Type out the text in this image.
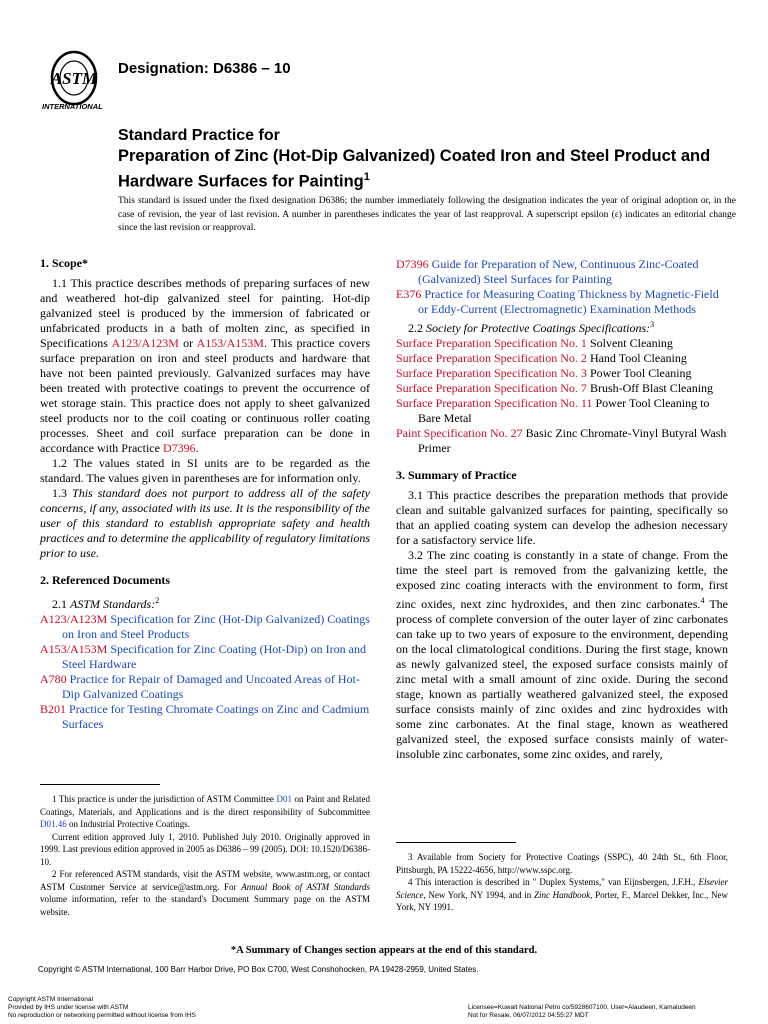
ASTM
INTERNATIONAL
Designation: D6386 – 10
Standard Practice for
Preparation of Zinc (Hot-Dip Galvanized) Coated Iron and Steel Product and Hardware Surfaces for Painting$^1$
This standard is issued under the fixed designation D6386; the number immediately following the designation indicates the year of original adoption or, in the case of revision, the year of last revision. A number in parentheses indicates the year of last reapproval. A superscript epsilon (ε) indicates an editorial change since the last revision or reapproval.

1. Scope*

1.1 This practice describes methods of preparing surfaces of new and weathered hot-dip galvanized steel for painting. Hot-dip galvanized steel is produced by the immersion of fabricated or unfabricated products in a bath of molten zinc, as specified in Specifications A123/A123M or A153/A153M. This practice covers surface preparation on iron and steel products and hardware that have not been painted previously. Galvanized surfaces may have been treated with protective coatings to prevent the occurrence of wet storage stain. This practice does not apply to sheet galvanized steel products nor to the coil coating or continuous roller coating processes. Sheet and coil surface preparation can be done in accordance with Practice D7396.

1.2 The values stated in SI units are to be regarded as the standard. The values given in parentheses are for information only.

1.3 This standard does not purport to address all of the safety concerns, if any, associated with its use. It is the responsibility of the user of this standard to establish appropriate safety and health practices and to determine the applicability of regulatory limitations prior to use.

2. Referenced Documents

2.1 ASTM Standards:$^2$

A123/A123M Specification for Zinc (Hot-Dip Galvanized) Coatings on Iron and Steel Products

A153/A153M Specification for Zinc Coating (Hot-Dip) on Iron and Steel Hardware

A780 Practice for Repair of Damaged and Uncoated Areas of Hot-Dip Galvanized Coatings

B201 Practice for Testing Chromate Coatings on Zinc and Cadmium Surfaces

1 This practice is under the jurisdiction of ASTM Committee D01 on Paint and Related Coatings, Materials, and Applications and is the direct responsibility of Subcommittee D01.46 on Industrial Protective Coatings.

Current edition approved July 1, 2010. Published July 2010. Originally approved in 1999. Last previous edition approved in 2005 as D6386 – 99 (2005). DOI: 10.1520/D6386-10.

2 For referenced ASTM standards, visit the ASTM website, www.astm.org, or contact ASTM Customer Service at service@astm.org. For Annual Book of ASTM Standards volume information, refer to the standard's Document Summary page on the ASTM website.

D7396 Guide for Preparation of New, Continuous Zinc-Coated (Galvanized) Steel Surfaces for Painting

E376 Practice for Measuring Coating Thickness by Magnetic-Field or Eddy-Current (Electromagnetic) Examination Methods

2.2 Society for Protective Coatings Specifications:$^3$

Surface Preparation Specification No. 1 Solvent Cleaning

Surface Preparation Specification No. 2 Hand Tool Cleaning

Surface Preparation Specification No. 3 Power Tool Cleaning

Surface Preparation Specification No. 7 Brush-Off Blast Cleaning

Surface Preparation Specification No. 11 Power Tool Cleaning to Bare Metal

Paint Specification No. 27 Basic Zinc Chromate-Vinyl Butyral Wash Primer

3. Summary of Practice

3.1 This practice describes the preparation methods that provide clean and suitable galvanized surfaces for painting, specifically so that an applied coating system can develop the adhesion necessary for a satisfactory service life.

3.2 The zinc coating is constantly in a state of change. From the time the steel part is removed from the galvanizing kettle, the exposed zinc coating interacts with the environment to form, first zinc oxides, next zinc hydroxides, and then zinc carbonates.$^4$ The process of complete conversion of the outer layer of zinc carbonates can take up to two years of exposure to the environment, depending on the local climatological conditions. During the first stage, known as newly galvanized steel, the exposed surface consists mainly of zinc metal with a small amount of zinc oxide. During the second stage, known as partially weathered galvanized steel, the exposed surface consists mainly of zinc oxides and zinc hydroxides with some zinc carbonates. At the final stage, known as weathered galvanized steel, the exposed surface consists mainly of water-insoluble zinc carbonates, some zinc oxides, and rarely,

3 Available from Society for Protective Coatings (SSPC), 40 24th St., 6th Floor, Pittsburgh, PA 15222-4656, http://www.sspc.org.

4 This interaction is described in " Duplex Systems," van Eijnsbergen, J.F.H., Elsevier Science, New York, NY 1994, and in Zinc Handbook, Porter, F., Marcel Dekker, Inc., New York, NY 1991.

*A Summary of Changes section appears at the end of this standard.
Copyright © ASTM International, 100 Barr Harbor Drive, PO Box C700, West Conshohocken, PA 19428-2959, United States.
Copyright ASTM International
Provided by IHS under license with ASTM
No reproduction or networking permitted without license from IHS
Licensee=Kuwait National Petro co/5928607100, User=Alaudeen, Kamaludeen
Not for Resale, 06/07/2012 04:55:27 MDT
